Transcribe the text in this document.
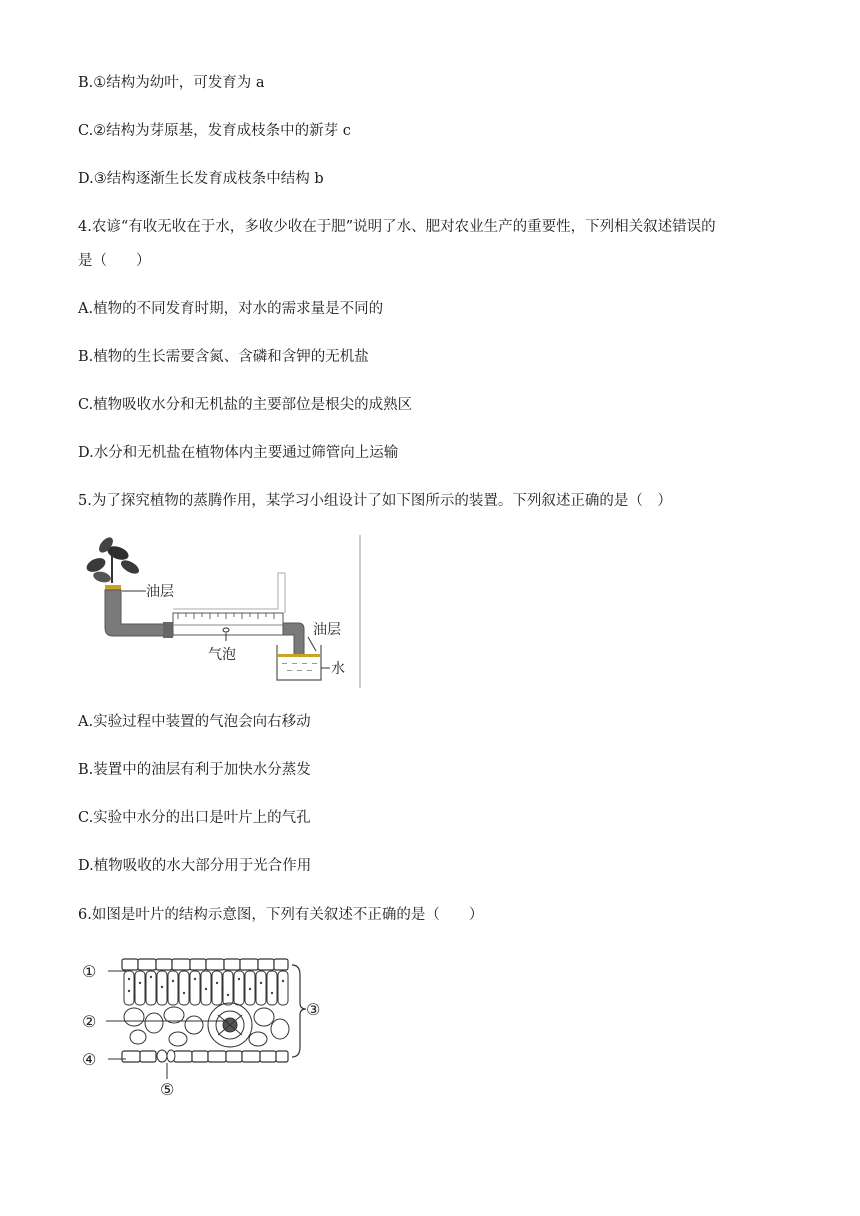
B.①结构为幼叶，可发育为 a
C.②结构为芽原基，发育成枝条中的新芽 c
D.③结构逐渐生长发育成枝条中结构 b
4.农谚“有收无收在于水，多收少收在于肥”说明了水、肥对农业生产的重要性，下列相关叙述错误的
是（　　）
A.植物的不同发育时期，对水的需求量是不同的
B.植物的生长需要含氮、含磷和含钾的无机盐
C.植物吸收水分和无机盐的主要部位是根尖的成熟区
D.水分和无机盐在植物体内主要通过筛管向上运输
5.为了探究植物的蒸腾作用，某学习小组设计了如下图所示的装置。下列叙述正确的是（　）
油层
油层
气泡
水
A.实验过程中装置的气泡会向右移动
B.装置中的油层有利于加快水分蒸发
C.实验中水分的出口是叶片上的气孔
D.植物吸收的水大部分用于光合作用
6.如图是叶片的结构示意图，下列有关叙述不正确的是（　　）
①
②
③
④
⑤
